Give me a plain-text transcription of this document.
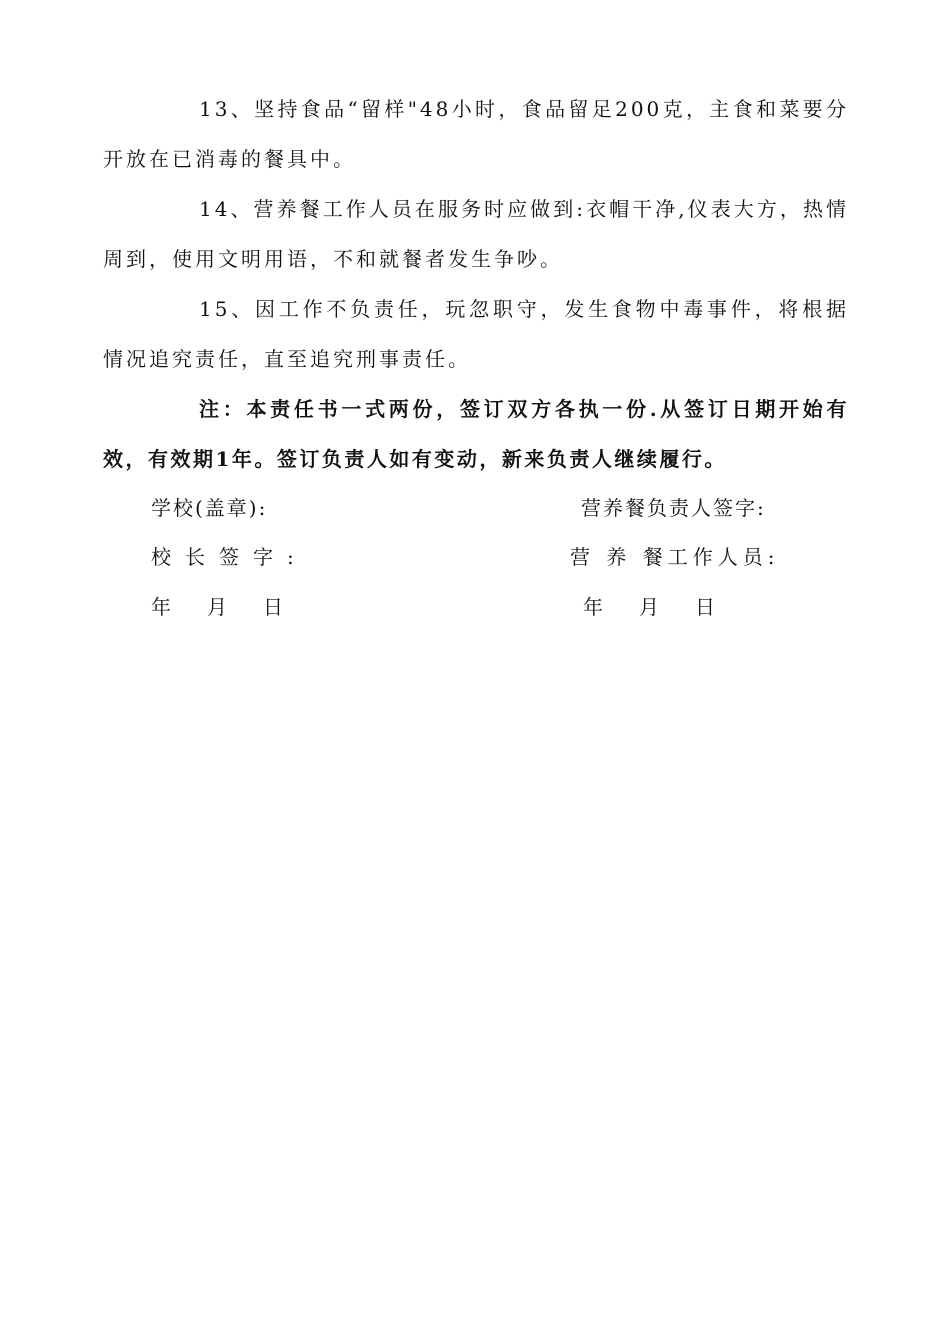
13、坚持食品“留样"48小时，食品留足200克，主食和菜要分开放在已消毒的餐具中。

14、营养餐工作人员在服务时应做到:衣帽干净,仪表大方，热情周到，使用文明用语，不和就餐者发生争吵。

15、因工作不负责任，玩忽职守，发生食物中毒事件，将根据情况追究责任，直至追究刑事责任。

注：本责任书一式两份，签订双方各执一份.从签订日期开始有效，有效期1年。签订负责人如有变动，新来负责人继续履行。

学校(盖章):	营养餐负责人签字:
校长签字:	营 养 餐工作人员:
年 月 日	年 月 日
